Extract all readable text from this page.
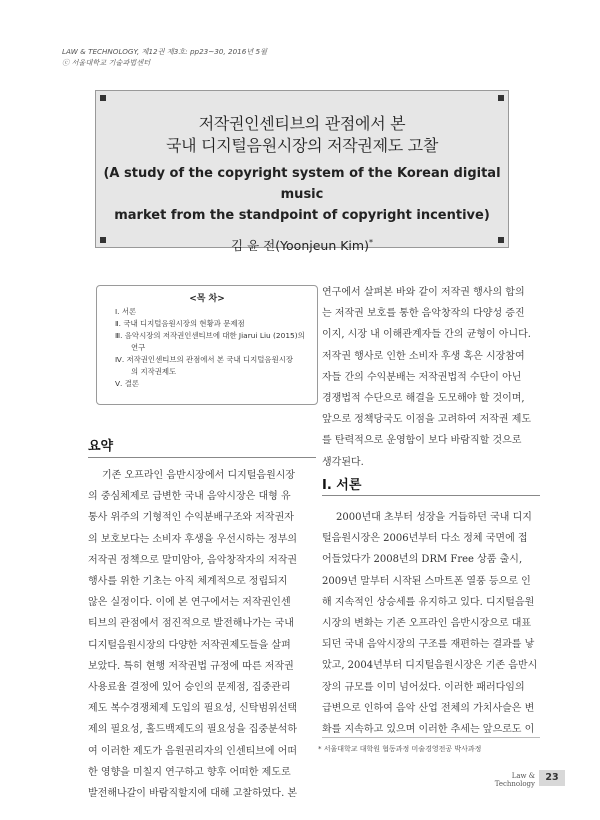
LAW & TECHNOLOGY, 제12권 제3호: pp23~30, 2016년 5월
ⓒ 서울대학교 기술과법센터
저작권인센티브의 관점에서 본
국내 디지털음원시장의 저작권제도 고찰
(A study of the copyright system of the Korean digital music
market from the standpoint of copyright incentive)
김 윤 전(Yoonjeun Kim)*
<목 차>
Ⅰ. 서론
Ⅱ. 국내 디지털음원시장의 현황과 문제점
Ⅲ. 음악시장의 저작권인센티브에 대한 Jiarui Liu (2015)의
연구
Ⅳ. 저작권인센티브의 관점에서 본 국내 디지털음원시장
의 지작권제도
Ⅴ. 결론
요약
기존 오프라인 음반시장에서 디지털음원시장
의 중심체제로 급변한 국내 음악시장은 대형 유
통사 위주의 기형적인 수익분배구조와 저작권자
의 보호보다는 소비자 후생을 우선시하는 정부의
저작권 정책으로 말미암아, 음악창작자의 저작권
행사를 위한 기초는 아직 체계적으로 정립되지
않은 실정이다. 이에 본 연구에서는 저작권인센
티브의 관점에서 점진적으로 발전해나가는 국내
디지털음원시장의 다양한 저작권제도들을 살펴
보았다. 특히 현행 저작권법 규정에 따른 저작권
사용료율 결정에 있어 승인의 문제점, 집중관리
제도 복수경쟁체제 도입의 필요성, 신탁범위선택
제의 필요성, 홀드백제도의 필요성을 집중분석하
여 이러한 제도가 음원권리자의 인센티브에 어떠
한 영향을 미칠지 연구하고 향후 어떠한 제도로
발전해나갈이 바람직할지에 대해 고찰하였다. 본
연구에서 살펴본 바와 같이 저작권 행사의 합의
는 저작권 보호를 통한 음악창작의 다양성 증진
이지, 시장 내 이해관계자들 간의 균형이 아니다.
저작권 행사로 인한 소비자 후생 혹은 시장참여
자들 간의 수익분배는 저작권법적 수단이 아닌
경쟁법적 수단으로 해결을 도모해야 할 것이며,
앞으로 정책당국도 이점을 고려하여 저작권 제도
를 탄력적으로 운영함이 보다 바람직할 것으로
생각된다.
Ⅰ. 서론
2000년대 초부터 성장을 거듭하던 국내 디지
털음원시장은 2006년부터 다소 정체 국면에 접
어들었다가 2008년의 DRM Free 상품 출시,
2009년 말부터 시작된 스마트폰 열풍 등으로 인
해 지속적인 상승세를 유지하고 있다. 디지털음원
시장의 변화는 기존 오프라인 음반시장으로 대표
되던 국내 음악시장의 구조를 재편하는 결과를 낳
았고, 2004년부터 디지털음원시장은 기존 음반시
장의 규모를 이미 넘어섰다. 이러한 패러다임의
급변으로 인하여 음악 산업 전체의 가치사슬은 변
화를 지속하고 있으며 이러한 추세는 앞으로도 이
* 서울대학교 대학원 협동과정 미술경영전공 박사과정
Law & Technology
23
